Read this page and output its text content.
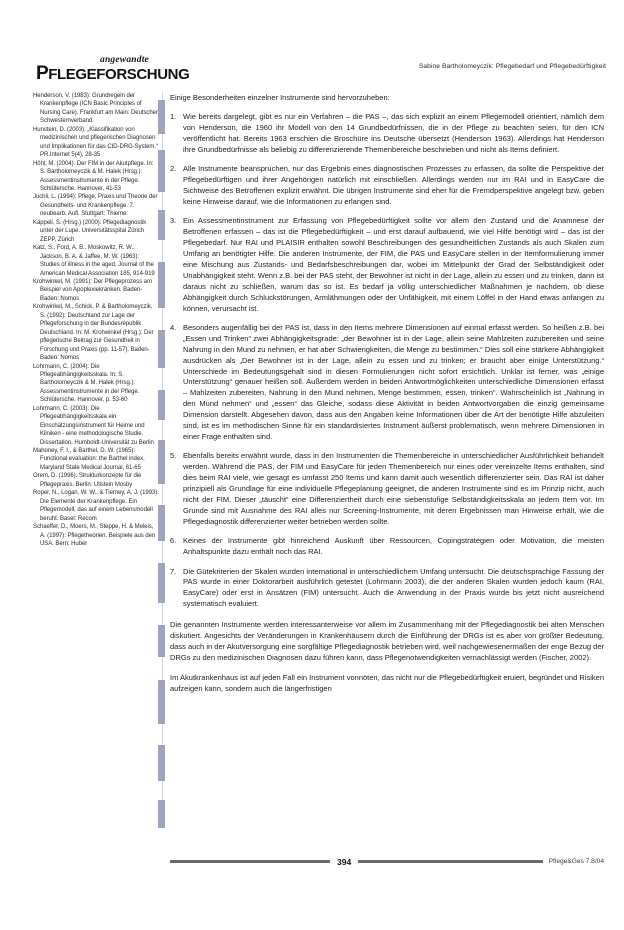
angewandte
PFLEGEFORSCHUNG	Sabine Bartholomeyczik: Pflegebedarf und Pflegebedürftigkeit
Henderson, V. (1983): Grundregeln der Krankenpflege (ICN Basic Principles of Nursing Care). Frankfurt am Main: Deutscher Schwesternverband.
Hunstein, D. (2003): „Klassifikation von medizinischen und pflegerischen Diagnosen und Implikationen für das CID-DRG-System.“ PR.Internet 5(4), 28-35
Höhl, M. (2004): Der FIM in der Akutpflege. In: S. Bartholomeyczik & M. Halek (Hrsg.): Assessmentinstrumente in der Pflege. Schlütersche. Hannover, 41-53
Juchli, L. (1994): Pflege, Praxis und Theorie der Gesundheits- und Krankenpflege. 7. neubearb. Aufl. Stuttgart: Thieme.
Käppeli, S. (Hrsg.) (2000): Pflegediagnostik unter der Lupe. Universitätsspital Zürich ZEPP, Zürich
Katz, S., Ford, A. B., Moskowitz, R. W., Jackson, B. A. & Jaffee, M. W. (1963): Studies of illness in the aged. Journal of the American Medical Association 185, 914-919
Krohwinkel, M. (1991): Der Pflegeprozess am Beispiel von Apoplexiekranken. Baden-Baden: Nomos
Krohwinkel, M., Schick, P. & Bartholomeyczik, S. (1992): Deutschland zur Lage der Pflegeforschung in der Bundesrepublik Deutschland. In: M. Krohwinkel (Hrsg.): Der pflegerische Beitrag zur Gesundheit in Forschung und Praxis (pp. 11-57). Baden-Baden: Nomos
Lohrmann, C. (2004): Die Pflegeabhängigkeitsskala. In: S. Bartholomeyczik & M. Halek (Hrsg.): Assessmentinstrumente in der Pflege. Schlütersche. Hannover, p. 53-60
Lohrmann, C. (2003): Die Pflegeabhängigkeitsskala ein Einschätzungsinstrument für Heime und Kliniken - eine methodologische Studie. Dissertation, Humboldt-Universität zu Berlin
Mahoney, F. I., & Barthel, D. W. (1965): Functional evaluation: the Barthel index. Maryland State Medical Journal, 61-65
Orem, D. (1996): Strukturkonzepte für die Pflegepraxis. Berlin: Ullstein Mosby
Roper, N., Logan, W. W., & Tierney, A. J. (1993): Die Elemente der Krankenpflege. Ein Pflegemodell, das auf einem Lebensmodell beruht. Basel: Recom
Schaeffer, D., Moers, M., Steppe, H. & Meleis, A. (1997): Pflegetheorien. Beispiele aus den USA. Bern: Huber

Einige Besonderheiten einzelner Instrumente sind hervorzuheben:

1. Wie bereits dargelegt, gibt es nur ein Verfahren – die PAS –, das sich explizit an einem Pflegemodell orientiert, nämlich dem von Henderson, die 1960 ihr Modell von den 14 Grundbedürfnissen, die in der Pflege zu beachten seien, für den ICN veröffentlicht hat. Bereits 1963 erschien die Broschüre ins Deutsche übersetzt (Henderson 1963). Allerdings hat Henderson ihre Grundbedürfnisse als beliebig zu differenzierende Themenbereiche beschrieben und nicht als Items definiert.
2. Alle Instrumente beanspruchen, nur das Ergebnis eines diagnostischen Prozesses zu erfassen, da sollte die Perspektive der Pflegebedürftigen und ihrer Angehörigen natürlich mit einschließen. Allerdings werden nur im RAI und in EasyCare die Sichtweise des Betroffenen explizit erwähnt. Die übrigen Instrumente sind eher für die Fremdperspektive angelegt bzw. geben keine Hinweise darauf, wie die Informationen zu erlangen sind.
3. Ein Assessmentinstrument zur Erfassung von Pflegebedürftigkeit sollte vor allem den Zustand und die Anamnese der Betroffenen erfassen – das ist die Pflegebedürftigkeit – und erst darauf aufbauend, wie viel Hilfe benötigt wird – das ist der Pflegebedarf. Nur RAI und PLAISIR enthalten sowohl Beschreibungen des gesundheitlichen Zustands als auch Skalen zum Umfang an benötigter Hilfe. Die anderen Instrumente, der FIM, die PAS und EasyCare stellen in der Itemformulierung immer eine Mischung aus Zustands- und Bedarfsbeschreibungen dar, wobei im Mittelpunkt der Grad der Selbständigkeit oder Unabhängigkeit steht. Wenn z.B. bei der PAS steht, der Bewohner ist nicht in der Lage, allein zu essen und zu trinken, dann ist daraus nicht zu schließen, warum das so ist. Es bedarf ja völlig unterschiedlicher Maßnahmen je nachdem, ob diese Abhängigkeit durch Schluckstörungen, Armlähmungen oder der Unfähigkeit, mit einem Löffel in der Hand etwas anfangen zu können, verursacht ist.
4. Besonders augenfällig bei der PAS ist, dass in den Items mehrere Dimensionen auf einmal erfasst werden. So heißen z.B. bei „Essen und Trinken“ zwei Abhängigkeitsgrade: „der Bewohner ist in der Lage, allein seine Mahlzeiten zuzubereiten und seine Nahrung in den Mund zu nehmen, er hat aber Schwierigkeiten, die Menge zu bestimmen.“ Dies soll eine stärkere Abhängigkeit ausdrücken als „Der Bewohner ist in der Lage, allein zu essen und zu trinken; er braucht aber einige Unterstützung.“ Unterschiede im Bedeutungsgehalt sind in diesen Formulierungen nicht sofort ersichtlich. Unklar ist ferner, was „einige Unterstützung“ genauer heißen soll. Außerdem werden in beiden Antwortmöglichkeiten unterschiedliche Dimensionen erfasst – Mahlzeiten zubereiten, Nahrung in den Mund nehmen, Menge bestimmen, essen, trinken“. Wahrscheinlich ist „Nahrung in den Mund nehmen“ und „essen“ das Gleiche, sodass diese Aktivität in beiden Antwortvorgaben die einzig gemeinsame Dimension darstellt. Abgesehen davon, dass aus den Angaben keine Informationen über die Art der benötigte Hilfe abzuleiten sind, ist es im methodischen Sinne für ein standardisiertes Instrument äußerst problematisch, wenn mehrere Dimensionen in einer Frage enthalten sind.
5. Ebenfalls bereits erwähnt wurde, dass in den Instrumenten die Themenbereiche in unterschiedlicher Ausführlichkeit behandelt werden. Während die PAS, der FIM und EasyCare für jeden Themenbereich nur eines oder vereinzelte Items enthalten, sind dies beim RAI viele, wie gesagt es umfasst 250 Items und kann damit auch wesentlich differenzierter sein. Das RAI ist daher prinzipiell als Grundlage für eine individuelle Pflegeplanung geeignet, die anderen Instrumente sind es im Prinzip nicht, auch nicht der FIM. Dieser „täuscht“ eine Differenziertheit durch eine siebenstufige Selbständigkeitsskala an jedem Item vor. Im Grunde sind mit Ausnahme des RAI alles nur Screening-Instrumente, mit deren Ergebnissen man Hinweise erhält, wie die Pflegediagnostik differenzierter weiter betrieben werden sollte.
6. Keines der Instrumente gibt hinreichend Auskunft über Ressourcen, Copingstrategien oder Motivation, die meisten Anhaltspunkte dazu enthält noch das RAI.
7. Die Gütekriterien der Skalen wurden international in unterschiedlichem Umfang untersucht. Die deutschsprachige Fassung der PAS wurde in einer Doktorarbeit ausführlich getestet (Lohrmann 2003), die der anderen Skalen wurden jedoch kaum (RAI, EasyCare) oder erst in Ansätzen (FIM) untersucht. Auch die Anwendung in der Praxis wurde bis jetzt nicht ausreichend systematisch evaluiert.

Die genannten Instrumente werden interessanterweise vor allem im Zusammenhang mit der Pflegediagnostik bei alten Menschen diskutiert. Angesichts der Veränderungen in Krankenhäusern durch die Einführung der DRGs ist es aber von größter Bedeutung, dass auch in der Akutversorgung eine sorgfältige Pflegediagnostik betrieben wird, weil nachgewiesenermaßen der enge Bezug der DRGs zu den medizinischen Diagnosen dazu führen kann, dass Pflegenotwendigkeiten vernachlässigt werden (Fischer, 2002).

Im Akutkrankenhaus ist auf jeden Fall ein Instrument vonnöten, das nicht nur die Pflegebedürftigkeit eruiert, begründet und Risiken aufzeigen kann, sondern auch die längerfristigen

394	Pflege&Ges 7.8/04
